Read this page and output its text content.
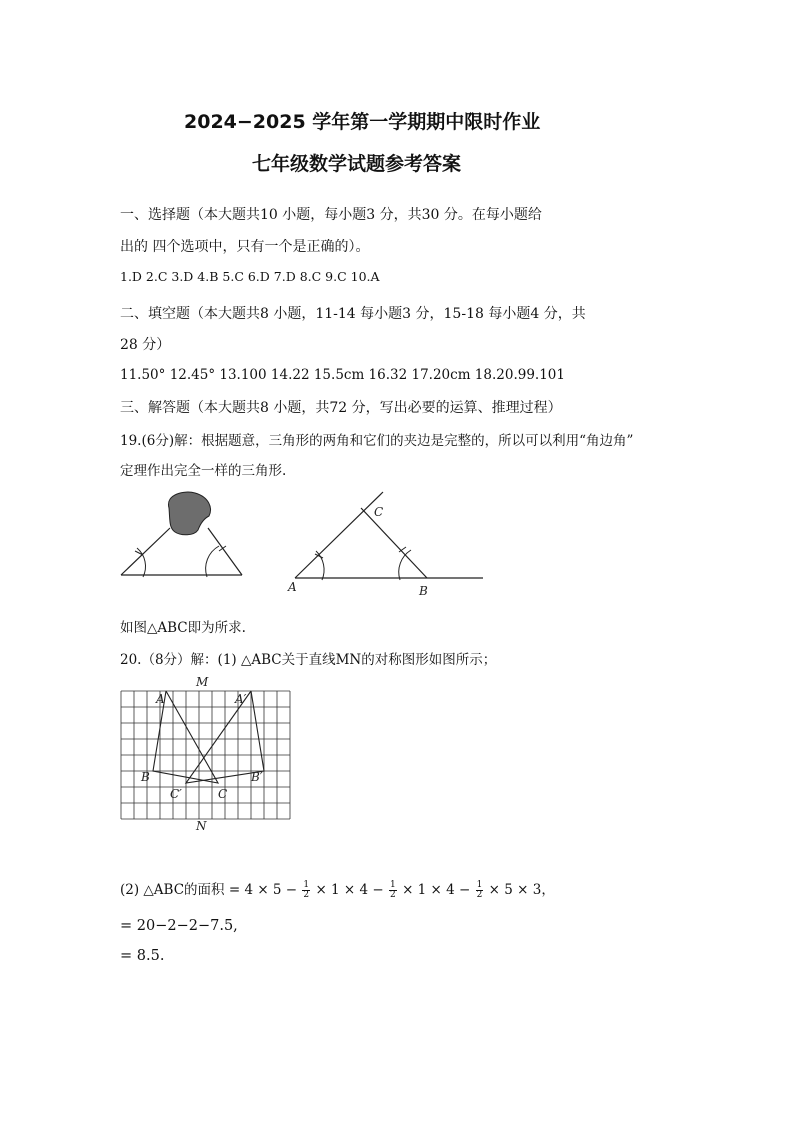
2024−2025 学年第一学期期中限时作业
七年级数学试题参考答案
一、选择题（本大题共10 小题，每小题3 分，共30 分。在每小题给
出的 四个选项中，只有一个是正确的）。
1.D 2.C 3.D 4.B 5.C 6.D 7.D 8.C 9.C 10.A
二、填空题（本大题共8 小题，11-14 每小题3 分，15-18 每小题4 分，共
28 分）
11.50° 12.45° 13.100 14.22 15.5cm 16.32 17.20cm 18.20.99.101
三、解答题（本大题共8 小题，共72 分，写出必要的运算、推理过程）
19.(6分)解：根据题意，三角形的两角和它们的夹边是完整的，所以可以利用“角边角”
定理作出完全一样的三角形.
A	B
C
如图△ABC即为所求.
20.（8分）解：(1) △ABC关于直线MN的对称图形如图所示；
M
N
A	A′
B	B′
C
C′
(2) △ABC的面积 = $4 \times 5 - \frac{1}{2} \times 1 \times 4 - \frac{1}{2} \times 1 \times 4 - \frac{1}{2} \times 5 \times 3$，
= 20−2−2−7.5,
= 8.5.
